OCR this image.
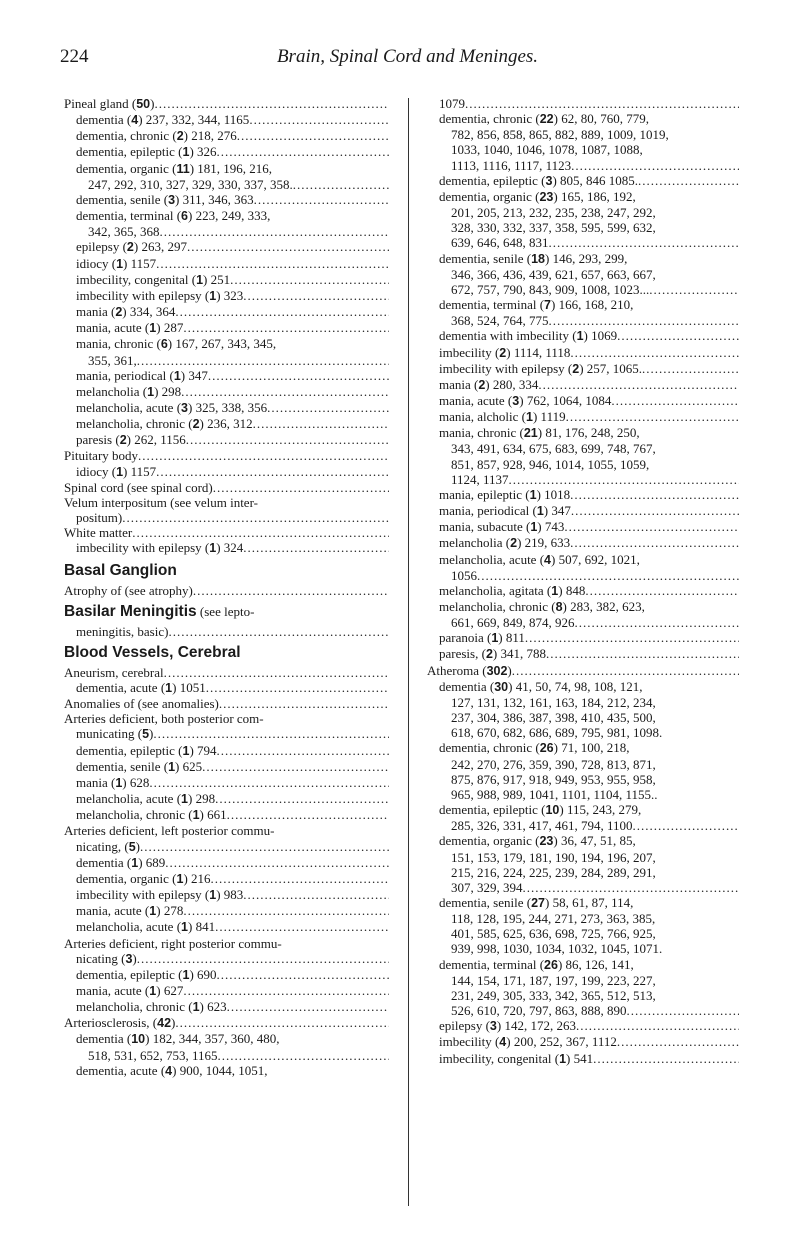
224	Brain, Spinal Cord and Meninges.
Pineal gland (50)
.....
dementia (4) 237, 332, 344, 1165
.....
dementia, chronic (2) 218, 276
.....
dementia, epileptic (1) 326
.....
dementia, organic (11) 181, 196, 216,
247, 292, 310, 327, 329, 330, 337, 358.
.....
dementia, senile (3) 311, 346, 363
.....
dementia, terminal (6) 223, 249, 333,
342, 365, 368
.....
epilepsy (2) 263, 297
.....
idiocy (1) 1157
.....
imbecility, congenital (1) 251
.....
imbecility with epilepsy (1) 323
.....
mania (2) 334, 364
.....
mania, acute (1) 287
.....
mania, chronic (6) 167, 267, 343, 345,
355, 361,
.....
mania, periodical (1) 347
.....
melancholia (1) 298
.....
melancholia, acute (3) 325, 338, 356
.....
melancholia, chronic (2) 236, 312
.....
paresis (2) 262, 1156
.....
Pituitary body
.....
idiocy (1) 1157
.....
Spinal cord (see spinal cord)
.....
Velum interpositum (see velum inter-
positum)
.....
White matter
.....
imbecility with epilepsy (1) 324
.....
Basal Ganglion
Atrophy of (see atrophy)
.....
Basilar Meningitis (see lepto-
meningitis, basic)
.....
Blood Vessels, Cerebral
Aneurism, cerebral
.....
dementia, acute (1) 1051
.....
Anomalies of (see anomalies)
.....
Arteries deficient, both posterior com-
municating (5)
.....
dementia, epileptic (1) 794
.....
dementia, senile (1) 625
.....
mania (1) 628
.....
melancholia, acute (1) 298
.....
melancholia, chronic (1) 661
.....
Arteries deficient, left posterior commu-
nicating, (5)
.....
dementia (1) 689
.....
dementia, organic (1) 216
.....
imbecility with epilepsy (1) 983
.....
mania, acute (1) 278
.....
melancholia, acute (1) 841
.....
Arteries deficient, right posterior commu-
nicating (3)
.....
dementia, epileptic (1) 690
.....
mania, acute (1) 627
.....
melancholia, chronic (1) 623
.....
Arteriosclerosis, (42)
.....
dementia (10) 182, 344, 357, 360, 480,
518, 531, 652, 753, 1165
.....
dementia, acute (4) 900, 1044, 1051,
1079
.....
dementia, chronic (22) 62, 80, 760, 779,
782, 856, 858, 865, 882, 889, 1009, 1019,
1033, 1040, 1046, 1078, 1087, 1088,
1113, 1116, 1117, 1123
.....
dementia, epileptic (3) 805, 846 1085.
.....
dementia, organic (23) 165, 186, 192,
201, 205, 213, 232, 235, 238, 247, 292,
328, 330, 332, 337, 358, 595, 599, 632,
639, 646, 648, 831
.....
dementia, senile (18) 146, 293, 299,
346, 366, 436, 439, 621, 657, 663, 667,
672, 757, 790, 843, 909, 1008, 1023...
.....
dementia, terminal (7) 166, 168, 210,
368, 524, 764, 775
.....
dementia with imbecility (1) 1069
.....
imbecility (2) 1114, 1118
.....
imbecility with epilepsy (2) 257, 1065.
.....
mania (2) 280, 334
.....
mania, acute (3) 762, 1064, 1084
.....
mania, alcholic (1) 1119
.....
mania, chronic (21) 81, 176, 248, 250,
343, 491, 634, 675, 683, 699, 748, 767,
851, 857, 928, 946, 1014, 1055, 1059,
1124, 1137
.....
mania, epileptic (1) 1018
.....
mania, periodical (1) 347
.....
mania, subacute (1) 743
.....
melancholia (2) 219, 633
.....
melancholia, acute (4) 507, 692, 1021,
1056
.....
melancholia, agitata (1) 848
.....
melancholia, chronic (8) 283, 382, 623,
661, 669, 849, 874, 926
.....
paranoia (1) 811
.....
paresis, (2) 341, 788
.....
Atheroma (302)
.....
dementia (30) 41, 50, 74, 98, 108, 121,
127, 131, 132, 161, 163, 184, 212, 234,
237, 304, 386, 387, 398, 410, 435, 500,
618, 670, 682, 686, 689, 795, 981, 1098.
dementia, chronic (26) 71, 100, 218,
242, 270, 276, 359, 390, 728, 813, 871,
875, 876, 917, 918, 949, 953, 955, 958,
965, 988, 989, 1041, 1101, 1104, 1155..
dementia, epileptic (10) 115, 243, 279,
285, 326, 331, 417, 461, 794, 1100
.....
dementia, organic (23) 36, 47, 51, 85,
151, 153, 179, 181, 190, 194, 196, 207,
215, 216, 224, 225, 239, 284, 289, 291,
307, 329, 394
.....
dementia, senile (27) 58, 61, 87, 114,
118, 128, 195, 244, 271, 273, 363, 385,
401, 585, 625, 636, 698, 725, 766, 925,
939, 998, 1030, 1034, 1032, 1045, 1071.
dementia, terminal (26) 86, 126, 141,
144, 154, 171, 187, 197, 199, 223, 227,
231, 249, 305, 333, 342, 365, 512, 513,
526, 610, 720, 797, 863, 888, 890
.....
epilepsy (3) 142, 172, 263
.....
imbecility (4) 200, 252, 367, 1112
.....
imbecility, congenital (1) 541
.....
